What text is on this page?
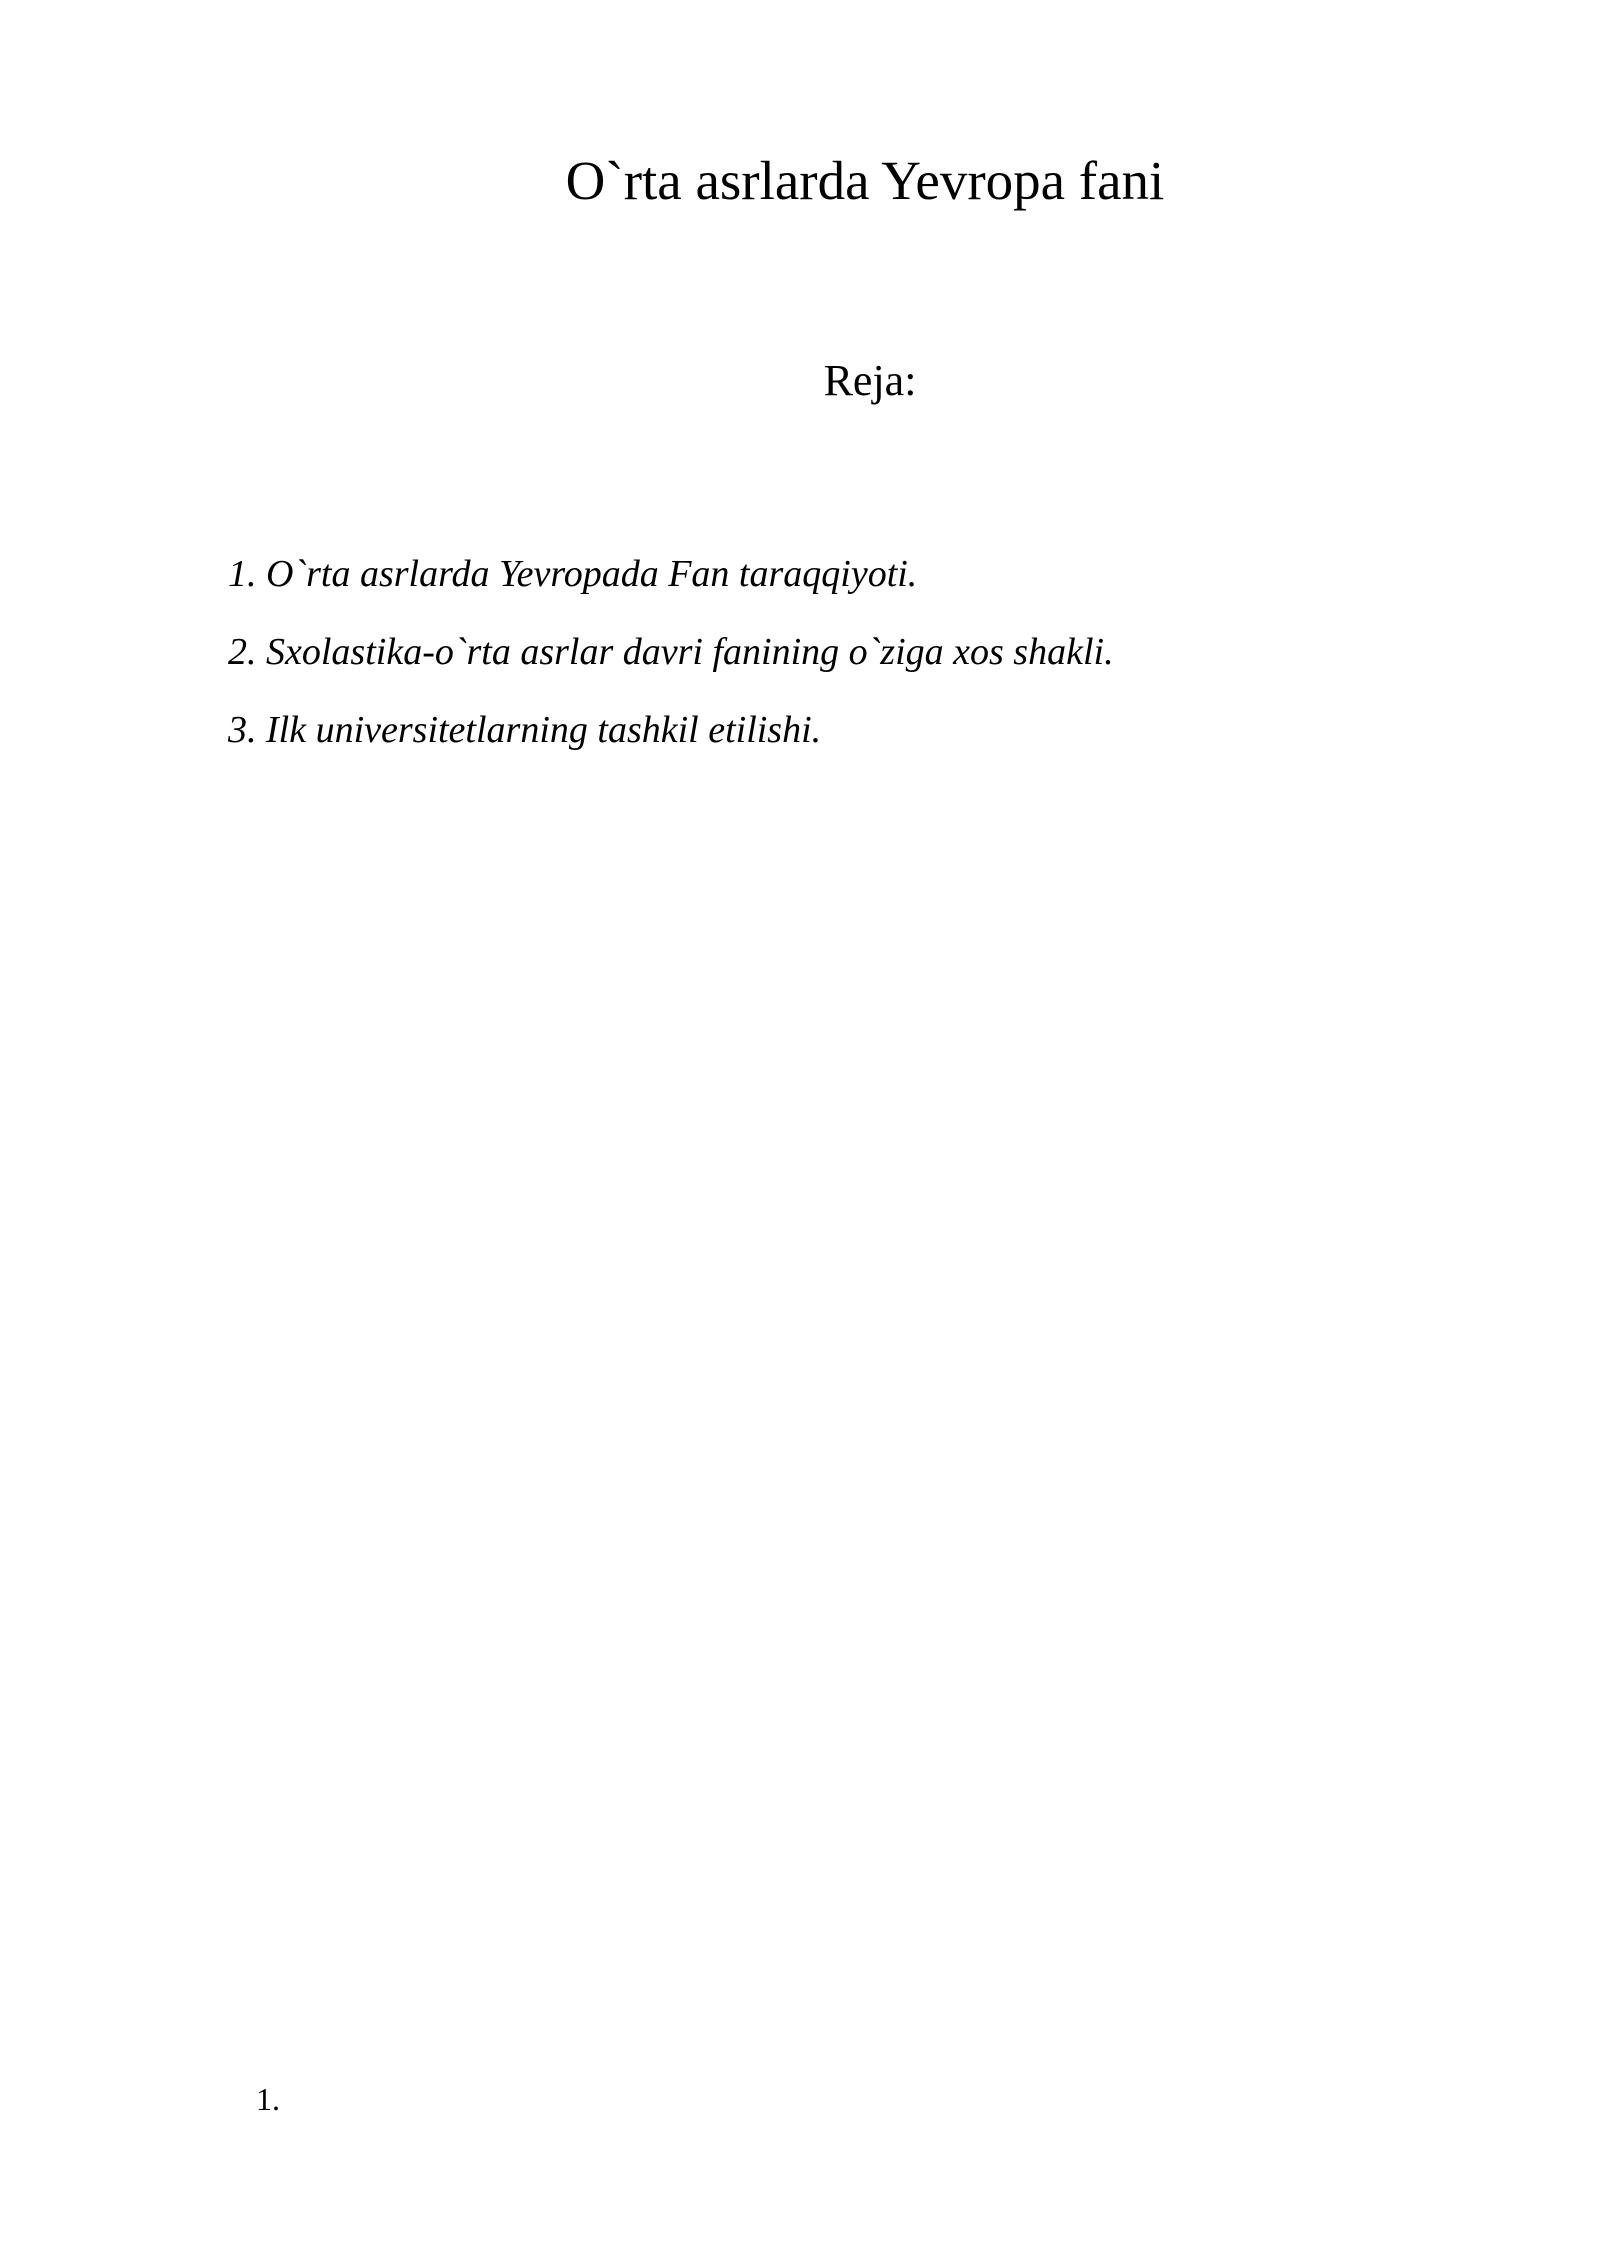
O`rta asrlarda Yevropa fani
Reja:
1. O`rta asrlarda Yevropada Fan taraqqiyoti.
2. Sxolastika-o`rta asrlar davri fanining o`ziga xos shakli.
3. Ilk universitetlarning tashkil etilishi.
1.
